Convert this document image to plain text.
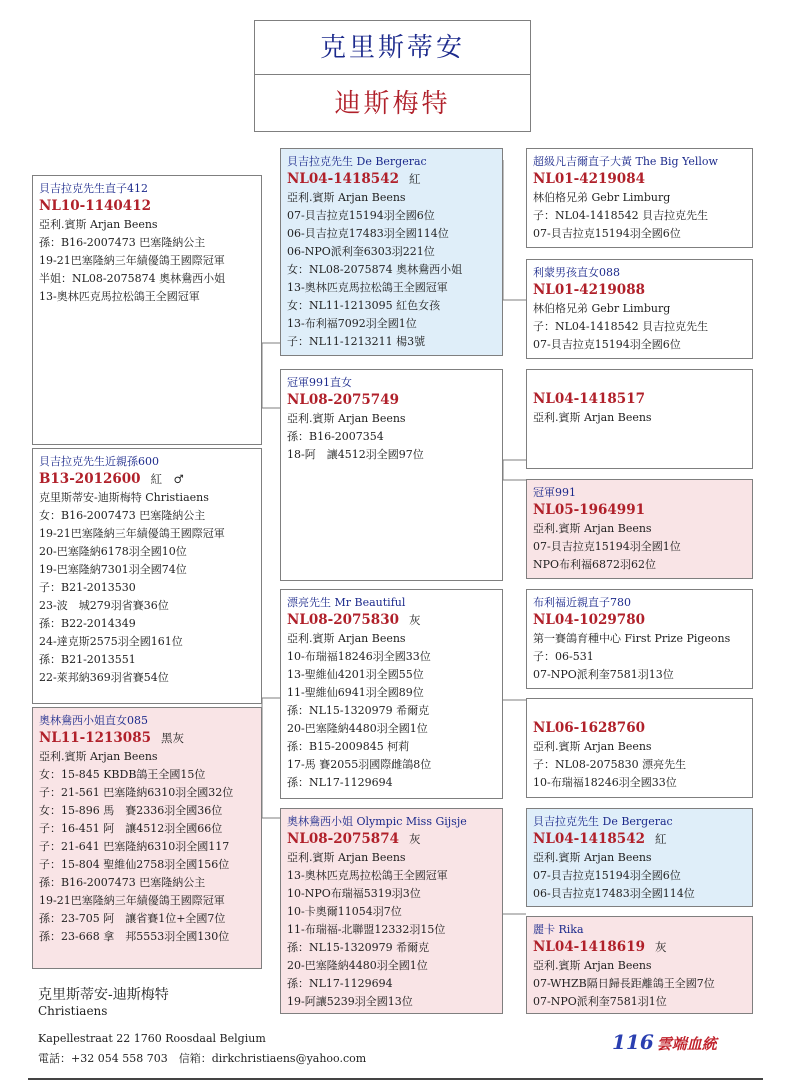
克里斯蒂安
迪斯梅特
貝吉拉克先生直子412
NL10-1140412
亞利.賓斯 Arjan Beens
孫：B16-2007473 巴塞隆納公主
19-21巴塞隆納三年績優鴿王國際冠軍
半姐：NL08-2075874 奧林鴦西小姐
13-奧林匹克馬拉松鴿王全國冠軍
貝吉拉克先生近親孫600
B13-2012600 紅　♂
克里斯蒂安-迪斯梅特 Christiaens
女：B16-2007473 巴塞隆納公主
19-21巴塞隆納三年績優鴿王國際冠軍
20-巴塞隆納6178羽全國10位
19-巴塞隆納7301羽全國74位
子：B21-2013530
23-波　城279羽省賽36位
孫：B22-2014349
24-達克斯2575羽全國161位
孫：B21-2013551
22-萊邦納369羽省賽54位
奧林鴦西小姐直女085
NL11-1213085 黑灰
亞利.賓斯 Arjan Beens
女：15-845 KBDB鴿王全國15位
子：21-561 巴塞隆納6310羽全國32位
女：15-896 馬　賽2336羽全國36位
子：16-451 阿　讓4512羽全國66位
子：21-641 巴塞隆納6310羽全國117
子：15-804 聖維仙2758羽全國156位
孫：B16-2007473 巴塞隆納公主
19-21巴塞隆納三年績優鴿王國際冠軍
孫：23-705 阿　讓省賽1位+全國7位
孫：23-668 拿　邦5553羽全國130位
貝吉拉克先生 De Bergerac
NL04-1418542 紅
亞利.賓斯 Arjan Beens
07-貝吉拉克15194羽全國6位
06-貝吉拉克17483羽全國114位
06-NPO派利奎6303羽221位
女：NL08-2075874 奧林鴦西小姐
13-奧林匹克馬拉松鴿王全國冠軍
女：NL11-1213095 紅色女孩
13-布利福7092羽全國1位
子：NL11-1213211 楊3號
冠軍991直女
NL08-2075749
亞利.賓斯 Arjan Beens
孫：B16-2007354
18-阿　讓4512羽全國97位
漂亮先生 Mr Beautiful
NL08-2075830 灰
亞利.賓斯 Arjan Beens
10-布瑞福18246羽全國33位
13-聖維仙4201羽全國55位
11-聖維仙6941羽全國89位
孫：NL15-1320979 希爾克
20-巴塞隆納4480羽全國1位
孫：B15-2009845 柯莉
17-馬 賽2055羽國際雌鴿8位
孫：NL17-1129694
奧林鴦西小姐 Olympic Miss Gijsje
NL08-2075874 灰
亞利.賓斯 Arjan Beens
13-奧林匹克馬拉松鴿王全國冠軍
10-NPO布瑞福5319羽3位
10-卡奧爾11054羽7位
11-布瑞福-北聯盟12332羽15位
孫：NL15-1320979 希爾克
20-巴塞隆納4480羽全國1位
孫：NL17-1129694
19-阿讓5239羽全國13位
超級凡吉爾直子大黃 The Big Yellow
NL01-4219084
林伯格兄弟 Gebr Limburg
子：NL04-1418542 貝吉拉克先生
07-貝吉拉克15194羽全國6位
利蒙男孩直女088
NL01-4219088
林伯格兄弟 Gebr Limburg
子：NL04-1418542 貝吉拉克先生
07-貝吉拉克15194羽全國6位
NL04-1418517
亞利.賓斯 Arjan Beens
冠軍991
NL05-1964991
亞利.賓斯 Arjan Beens
07-貝吉拉克15194羽全國1位
NPO布利福6872羽62位
布利福近親直子780
NL04-1029780
第一賽鴿育種中心 First Prize Pigeons
子：06-531
07-NPO派利奎7581羽13位
NL06-1628760
亞利.賓斯 Arjan Beens
子：NL08-2075830 漂亮先生
10-布瑞福18246羽全國33位
貝吉拉克先生 De Bergerac
NL04-1418542 紅
亞利.賓斯 Arjan Beens
07-貝吉拉克15194羽全國6位
06-貝吉拉克17483羽全國114位
麗卡 Rika
NL04-1418619 灰
亞利.賓斯 Arjan Beens
07-WHZB隔日歸長距離鴿王全國7位
07-NPO派利奎7581羽1位
克里斯蒂安-迪斯梅特
Christiaens
Kapellestraat 22 1760 Roosdaal Belgium
電話：+32 054 558 703　信箱：dirkchristiaens@yahoo.com
116 雲端血統
